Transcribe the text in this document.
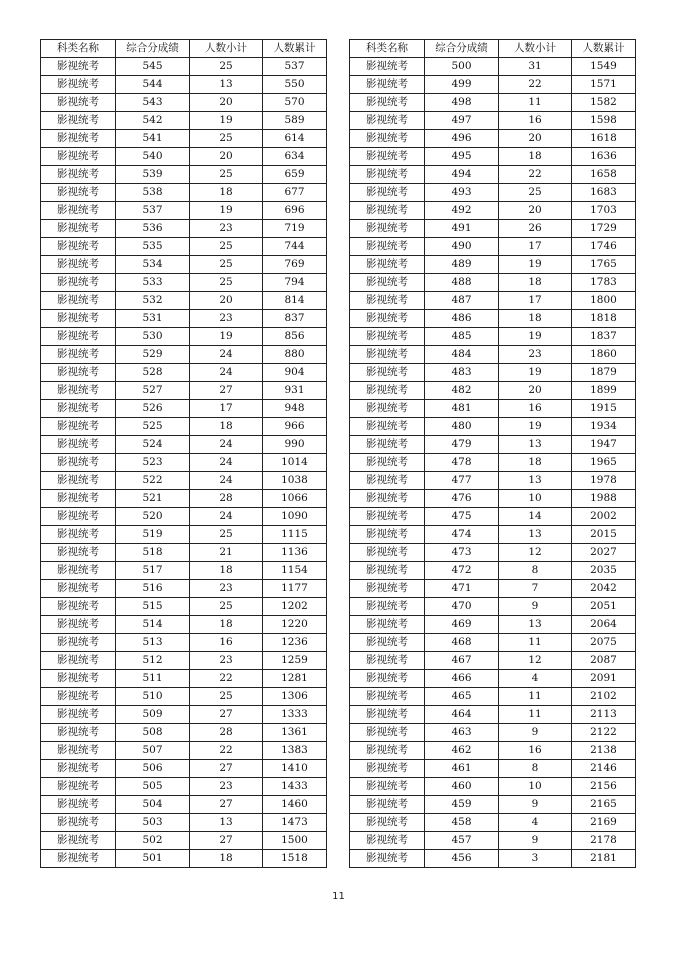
科类名称	综合分成绩	人数小计	人数累计
影视统考	545	25	537
影视统考	544	13	550
影视统考	543	20	570
影视统考	542	19	589
影视统考	541	25	614
影视统考	540	20	634
影视统考	539	25	659
影视统考	538	18	677
影视统考	537	19	696
影视统考	536	23	719
影视统考	535	25	744
影视统考	534	25	769
影视统考	533	25	794
影视统考	532	20	814
影视统考	531	23	837
影视统考	530	19	856
影视统考	529	24	880
影视统考	528	24	904
影视统考	527	27	931
影视统考	526	17	948
影视统考	525	18	966
影视统考	524	24	990
影视统考	523	24	1014
影视统考	522	24	1038
影视统考	521	28	1066
影视统考	520	24	1090
影视统考	519	25	1115
影视统考	518	21	1136
影视统考	517	18	1154
影视统考	516	23	1177
影视统考	515	25	1202
影视统考	514	18	1220
影视统考	513	16	1236
影视统考	512	23	1259
影视统考	511	22	1281
影视统考	510	25	1306
影视统考	509	27	1333
影视统考	508	28	1361
影视统考	507	22	1383
影视统考	506	27	1410
影视统考	505	23	1433
影视统考	504	27	1460
影视统考	503	13	1473
影视统考	502	27	1500
影视统考	501	18	1518
科类名称	综合分成绩	人数小计	人数累计
影视统考	500	31	1549
影视统考	499	22	1571
影视统考	498	11	1582
影视统考	497	16	1598
影视统考	496	20	1618
影视统考	495	18	1636
影视统考	494	22	1658
影视统考	493	25	1683
影视统考	492	20	1703
影视统考	491	26	1729
影视统考	490	17	1746
影视统考	489	19	1765
影视统考	488	18	1783
影视统考	487	17	1800
影视统考	486	18	1818
影视统考	485	19	1837
影视统考	484	23	1860
影视统考	483	19	1879
影视统考	482	20	1899
影视统考	481	16	1915
影视统考	480	19	1934
影视统考	479	13	1947
影视统考	478	18	1965
影视统考	477	13	1978
影视统考	476	10	1988
影视统考	475	14	2002
影视统考	474	13	2015
影视统考	473	12	2027
影视统考	472	8	2035
影视统考	471	7	2042
影视统考	470	9	2051
影视统考	469	13	2064
影视统考	468	11	2075
影视统考	467	12	2087
影视统考	466	4	2091
影视统考	465	11	2102
影视统考	464	11	2113
影视统考	463	9	2122
影视统考	462	16	2138
影视统考	461	8	2146
影视统考	460	10	2156
影视统考	459	9	2165
影视统考	458	4	2169
影视统考	457	9	2178
影视统考	456	3	2181
11
